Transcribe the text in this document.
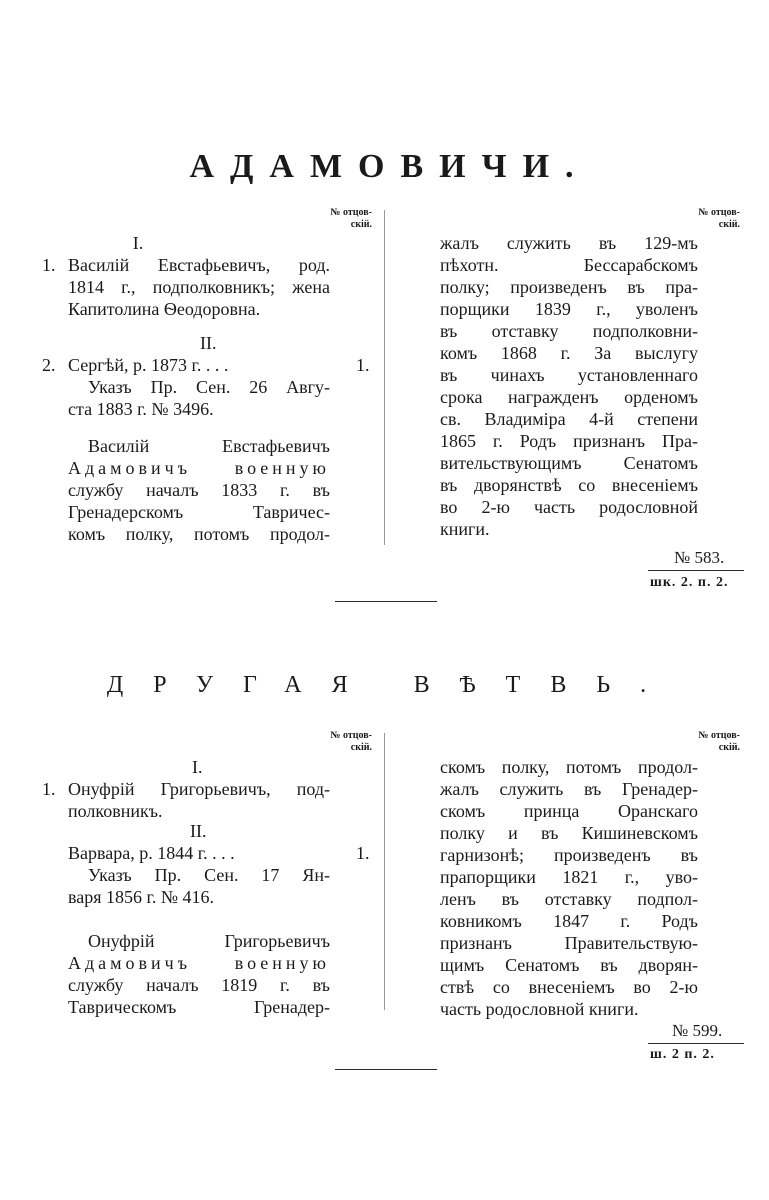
АДАМОВИЧИ.
№ отцов-
скій.
№ отцов-
скій.
I.
1. Василій Евстафьевичъ, род.
1814 г., подполковникъ; жена
Капитолина Ѳеодоровна.
II.
2. Сергѣй, р. 1873 г. . . .
Указъ Пр. Сен. 26 Авгу-
ста 1883 г. № 3496.
1.
Василій Евстафьевичъ
Адамовичъ военную
службу началъ 1833 г. въ
Гренадерскомъ Тавричес-
комъ полку, потомъ продол-
жалъ служить въ 129-мъ
пѣхотн. Бессарабскомъ
полку; произведенъ въ пра-
порщики 1839 г., уволенъ
въ отставку подполковни-
комъ 1868 г. За выслугу
въ чинахъ установленнаго
срока награжденъ орденомъ
св. Владиміра 4-й степени
1865 г. Родъ признанъ Пра-
вительствующимъ Сенатомъ
въ дворянствѣ со внесеніемъ
во 2-ю часть родословной
книги.
№ 583.
шк. 2. п. 2.
ДРУГАЯ ВѢТВЬ.
№ отцов-
скій.
№ отцов-
скій.
I.
1. Онуфрій Григорьевичъ, под-
полковникъ.
II.
Варвара, р. 1844 г. . . .
Указъ Пр. Сен. 17 Ян-
варя 1856 г. № 416.
1.
Онуфрій Григорьевичъ
Адамовичъ военную
службу началъ 1819 г. въ
Таврическомъ Гренадер-
скомъ полку, потомъ продол-
жалъ служить въ Гренадер-
скомъ принца Оранскаго
полку и въ Кишиневскомъ
гарнизонѣ; произведенъ въ
прапорщики 1821 г., уво-
ленъ въ отставку подпол-
ковникомъ 1847 г. Родъ
признанъ Правительствую-
щимъ Сенатомъ въ дворян-
ствѣ со внесеніемъ во 2-ю
часть родословной книги.
№ 599.
ш. 2 п. 2.
